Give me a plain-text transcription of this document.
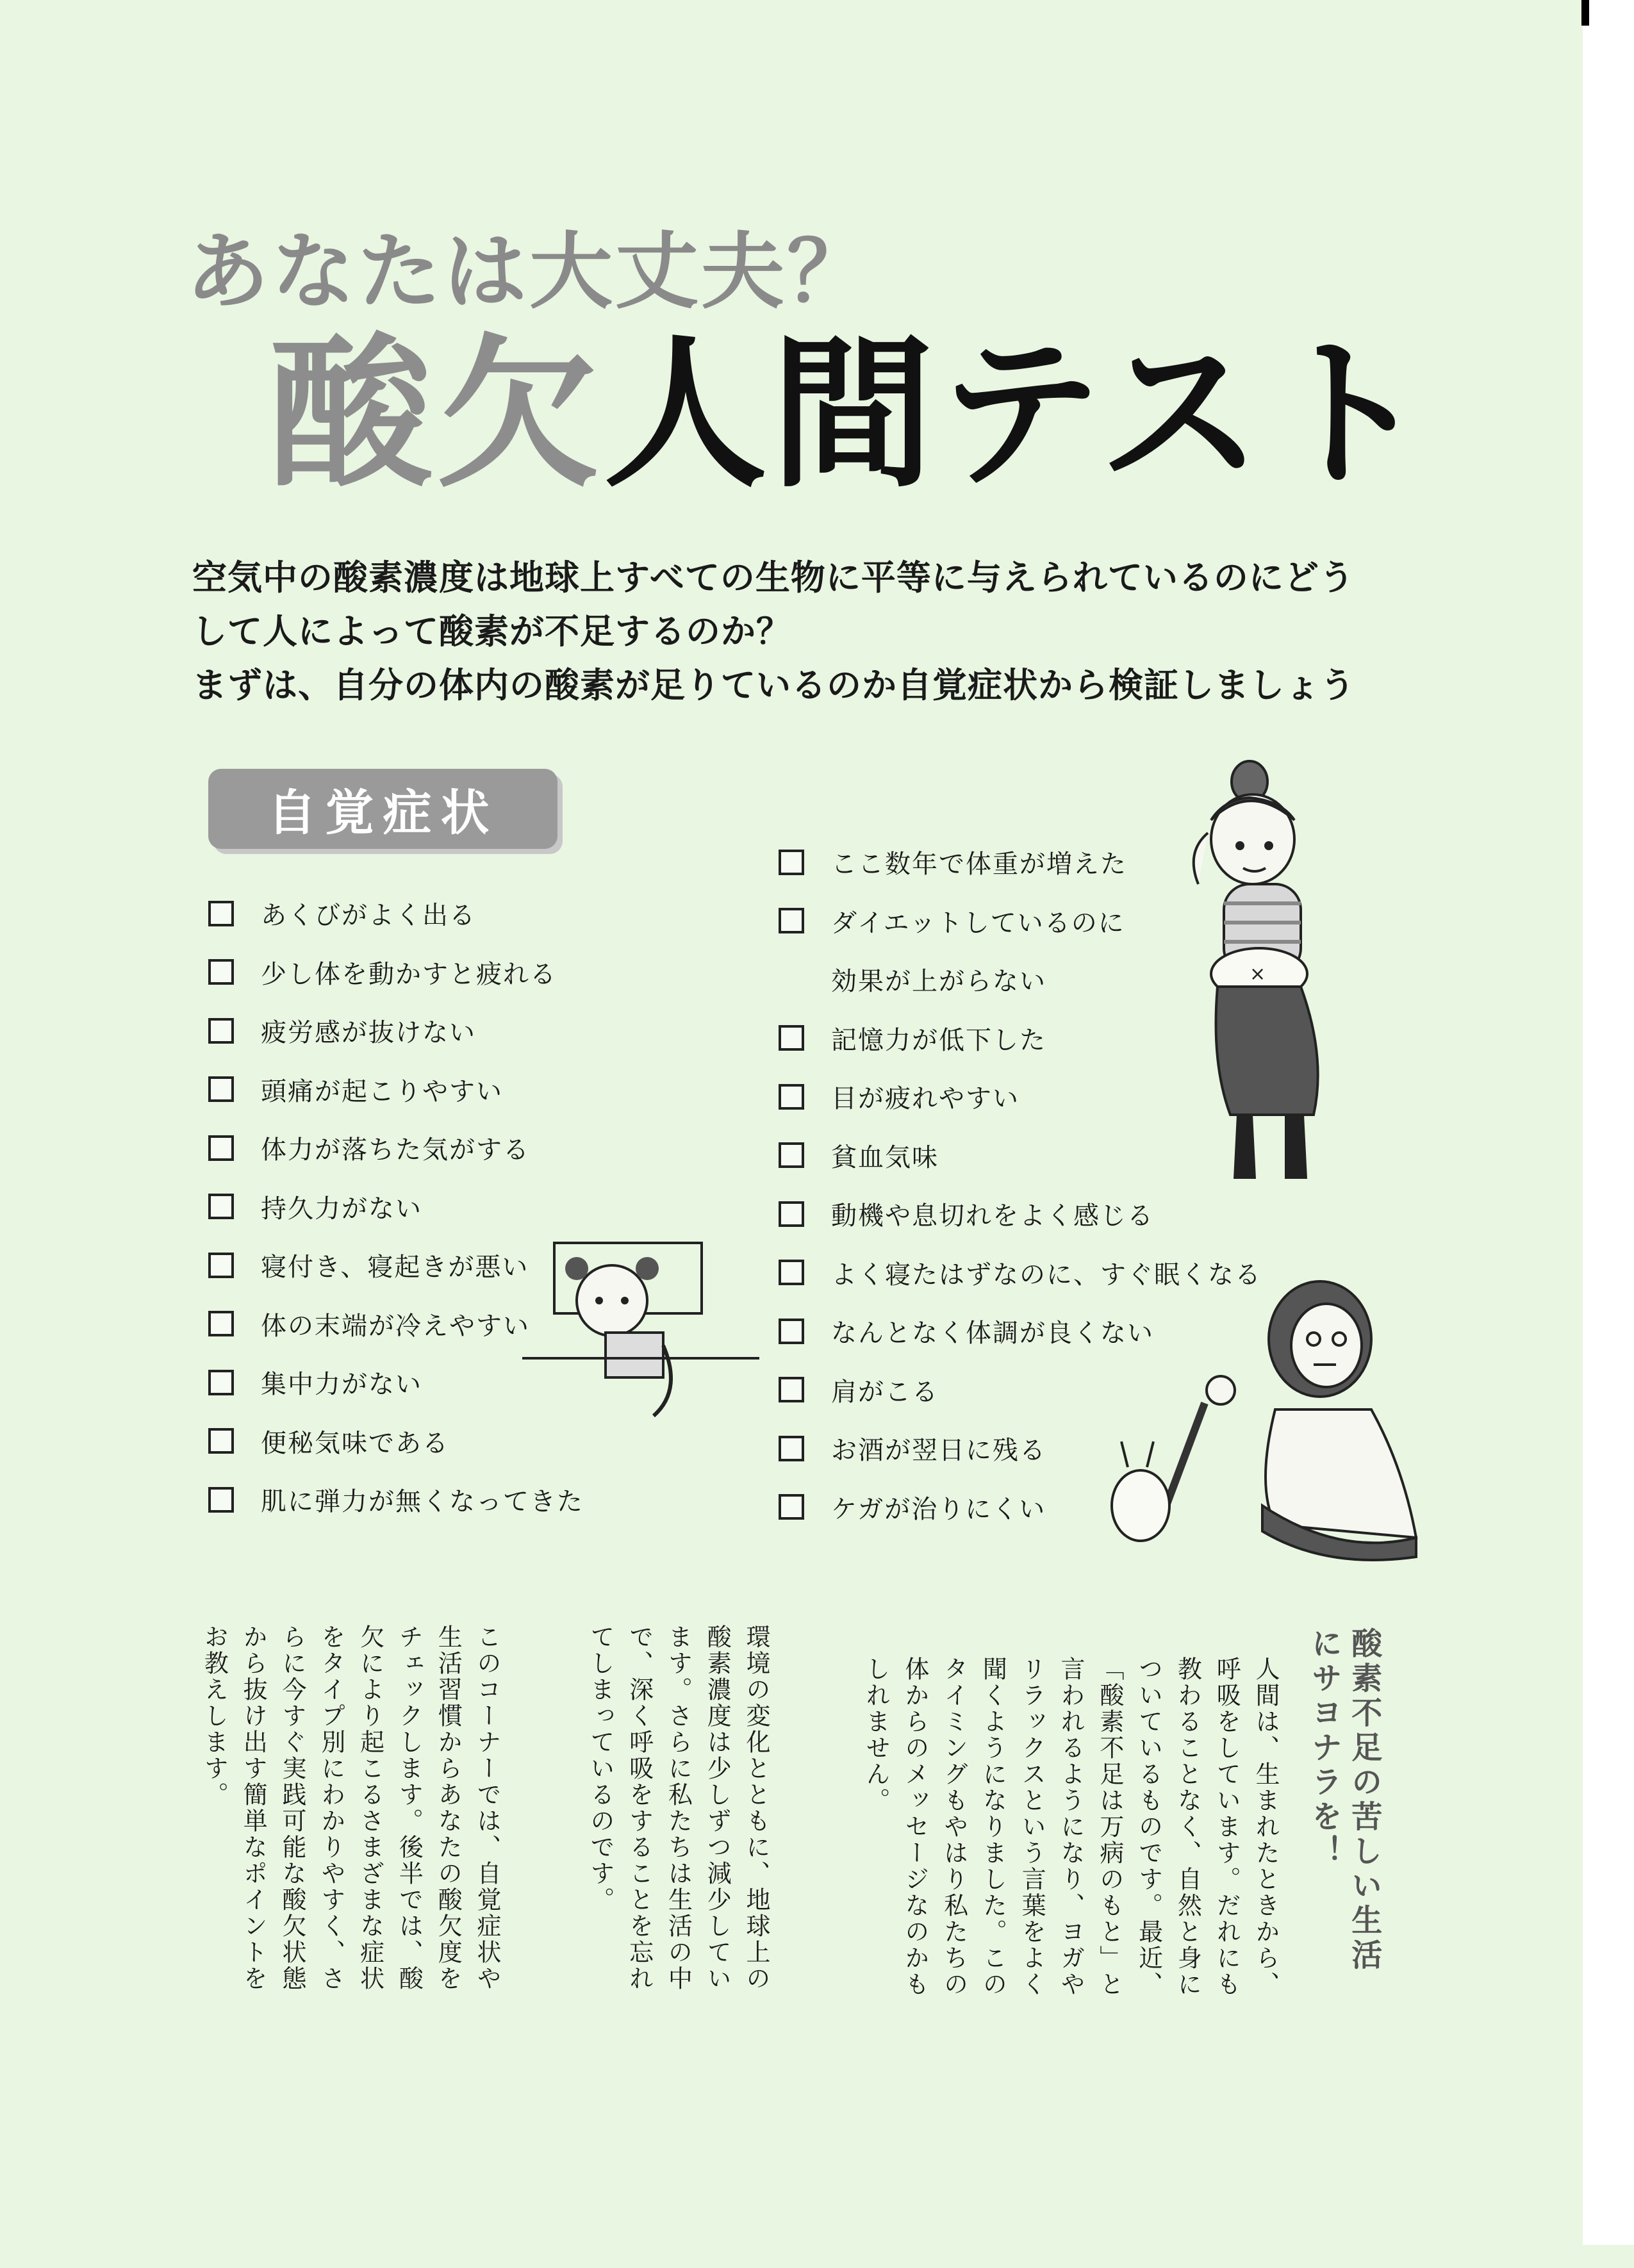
あなたは大丈夫？
酸欠人間テスト
空気中の酸素濃度は地球上すべての生物に平等に与えられているのにどう
して人によって酸素が不足するのか？
まずは、自分の体内の酸素が足りているのか自覚症状から検証しましょう
自覚症状
あくびがよく出る
少し体を動かすと疲れる
疲労感が抜けない
頭痛が起こりやすい
体力が落ちた気がする
持久力がない
寝付き、寝起きが悪い
体の末端が冷えやすい
集中力がない
便秘気味である
肌に弾力が無くなってきた
ここ数年で体重が増えた
ダイエットしているのに
効果が上がらない
記憶力が低下した
目が疲れやすい
貧血気味
動機や息切れをよく感じる
よく寝たはずなのに、すぐ眠くなる
なんとなく体調が良くない
肩がこる
お酒が翌日に残る
ケガが治りにくい
×
酸素不足の苦しい生活
にサヨナラを！
人間は、生まれたときから、呼吸をしています。だれにも教わることなく、自然と身についているものです。最近、「酸素不足は万病のもと」と言われるようになり、ヨガやリラックスという言葉をよく聞くようになりました。このタイミングもやはり私たちの体からのメッセージなのかもしれません。
環境の変化とともに、地球上の酸素濃度は少しずつ減少しています。さらに私たちは生活の中で、深く呼吸をすることを忘れてしまっているのです。
このコーナーでは、自覚症状や生活習慣からあなたの酸欠度をチェックします。後半では、酸欠により起こるさまざまな症状をタイプ別にわかりやすく、さらに今すぐ実践可能な酸欠状態から抜け出す簡単なポイントをお教えします。
